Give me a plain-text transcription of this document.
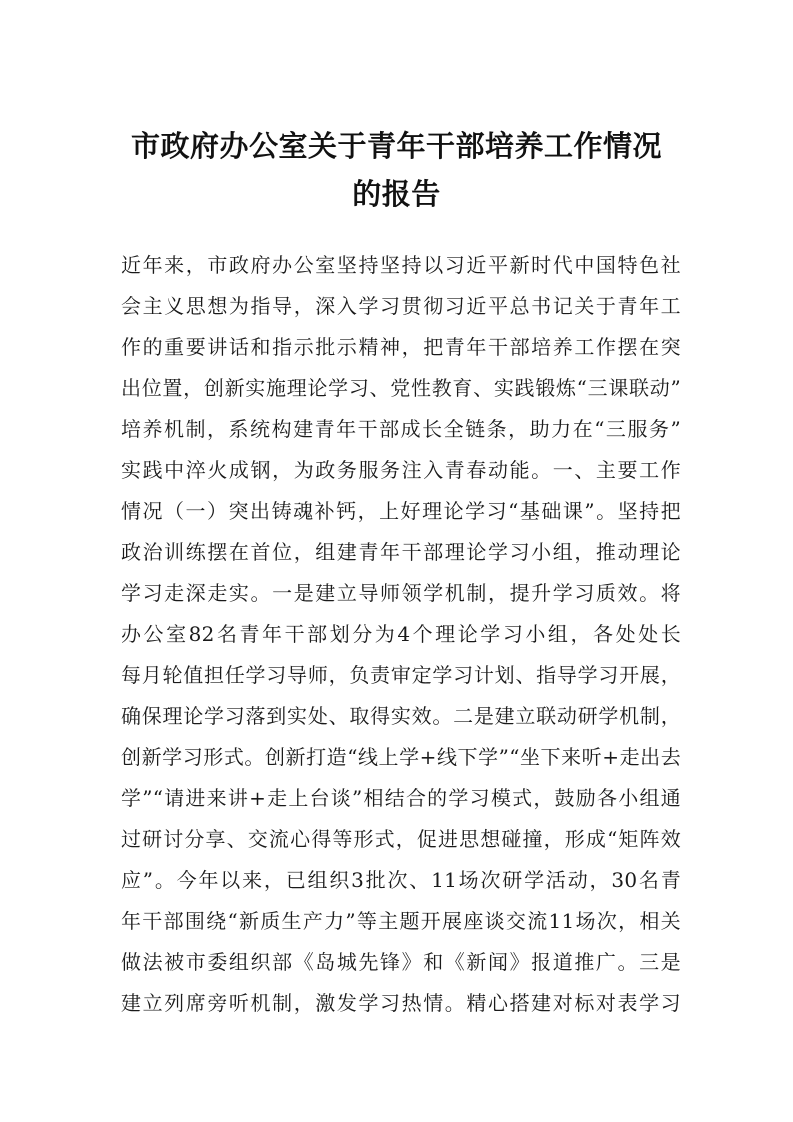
市政府办公室关于青年干部培养工作情况
的报告
近年来，市政府办公室坚持坚持以习近平新时代中国特色社
会主义思想为指导，深入学习贯彻习近平总书记关于青年工
作的重要讲话和指示批示精神，把青年干部培养工作摆在突
出位置，创新实施理论学习、党性教育、实践锻炼“三课联动”
培养机制，系统构建青年干部成长全链条，助力在“三服务”
实践中淬火成钢，为政务服务注入青春动能。一、主要工作
情况（一）突出铸魂补钙，上好理论学习“基础课”。坚持把
政治训练摆在首位，组建青年干部理论学习小组，推动理论
学习走深走实。一是建立导师领学机制，提升学习质效。将
办公室82名青年干部划分为4个理论学习小组，各处处长
每月轮值担任学习导师，负责审定学习计划、指导学习开展，
确保理论学习落到实处、取得实效。二是建立联动研学机制，
创新学习形式。创新打造“线上学+线下学”“坐下来听+走出去
学”“请进来讲+走上台谈”相结合的学习模式，鼓励各小组通
过研讨分享、交流心得等形式，促进思想碰撞，形成“矩阵效
应”。今年以来，已组织3批次、11场次研学活动，30名青
年干部围绕“新质生产力”等主题开展座谈交流11场次，相关
做法被市委组织部《岛城先锋》和《新闻》报道推广。三是
建立列席旁听机制，激发学习热情。精心搭建对标对表学习
